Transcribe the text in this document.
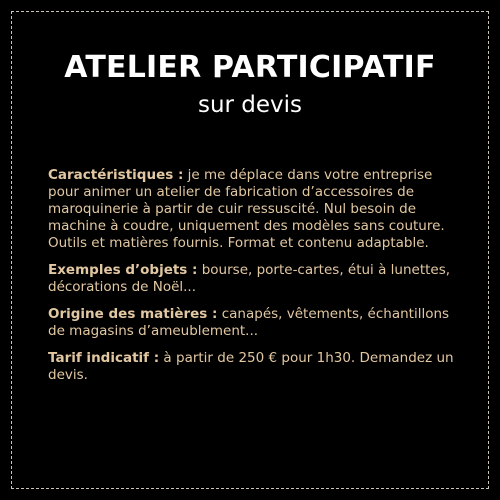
ATELIER PARTICIPATIF
sur devis

Caractéristiques : je me déplace dans votre entreprise pour animer un atelier de fabrication d’accessoires de maroquinerie à partir de cuir ressuscité. Nul besoin de machine à coudre, uniquement des modèles sans couture. Outils et matières fournis. Format et contenu adaptable.

Exemples d’objets : bourse, porte-cartes, étui à lunettes, décorations de Noël...

Origine des matières : canapés, vêtements, échantillons de magasins d’ameublement...

Tarif indicatif : à partir de 250 € pour 1h30. Demandez un devis.
